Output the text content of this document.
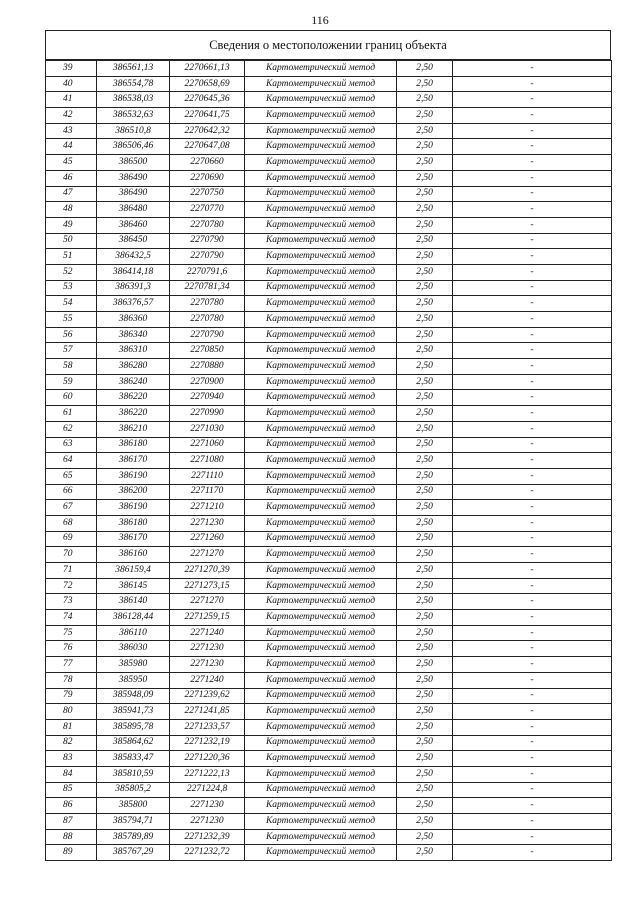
116
Сведения о местоположении границ объекта
39	386561,13	2270661,13	Картометрический метод	2,50	-
40	386554,78	2270658,69	Картометрический метод	2,50	-
41	386538,03	2270645,36	Картометрический метод	2,50	-
42	386532,63	2270641,75	Картометрический метод	2,50	-
43	386510,8	2270642,32	Картометрический метод	2,50	-
44	386506,46	2270647,08	Картометрический метод	2,50	-
45	386500	2270660	Картометрический метод	2,50	-
46	386490	2270690	Картометрический метод	2,50	-
47	386490	2270750	Картометрический метод	2,50	-
48	386480	2270770	Картометрический метод	2,50	-
49	386460	2270780	Картометрический метод	2,50	-
50	386450	2270790	Картометрический метод	2,50	-
51	386432,5	2270790	Картометрический метод	2,50	-
52	386414,18	2270791,6	Картометрический метод	2,50	-
53	386391,3	2270781,34	Картометрический метод	2,50	-
54	386376,57	2270780	Картометрический метод	2,50	-
55	386360	2270780	Картометрический метод	2,50	-
56	386340	2270790	Картометрический метод	2,50	-
57	386310	2270850	Картометрический метод	2,50	-
58	386280	2270880	Картометрический метод	2,50	-
59	386240	2270900	Картометрический метод	2,50	-
60	386220	2270940	Картометрический метод	2,50	-
61	386220	2270990	Картометрический метод	2,50	-
62	386210	2271030	Картометрический метод	2,50	-
63	386180	2271060	Картометрический метод	2,50	-
64	386170	2271080	Картометрический метод	2,50	-
65	386190	2271110	Картометрический метод	2,50	-
66	386200	2271170	Картометрический метод	2,50	-
67	386190	2271210	Картометрический метод	2,50	-
68	386180	2271230	Картометрический метод	2,50	-
69	386170	2271260	Картометрический метод	2,50	-
70	386160	2271270	Картометрический метод	2,50	-
71	386159,4	2271270,39	Картометрический метод	2,50	-
72	386145	2271273,15	Картометрический метод	2,50	-
73	386140	2271270	Картометрический метод	2,50	-
74	386128,44	2271259,15	Картометрический метод	2,50	-
75	386110	2271240	Картометрический метод	2,50	-
76	386030	2271230	Картометрический метод	2,50	-
77	385980	2271230	Картометрический метод	2,50	-
78	385950	2271240	Картометрический метод	2,50	-
79	385948,09	2271239,62	Картометрический метод	2,50	-
80	385941,73	2271241,85	Картометрический метод	2,50	-
81	385895,78	2271233,57	Картометрический метод	2,50	-
82	385864,62	2271232,19	Картометрический метод	2,50	-
83	385833,47	2271220,36	Картометрический метод	2,50	-
84	385810,59	2271222,13	Картометрический метод	2,50	-
85	385805,2	2271224,8	Картометрический метод	2,50	-
86	385800	2271230	Картометрический метод	2,50	-
87	385794,71	2271230	Картометрический метод	2,50	-
88	385789,89	2271232,39	Картометрический метод	2,50	-
89	385767,29	2271232,72	Картометрический метод	2,50	-
